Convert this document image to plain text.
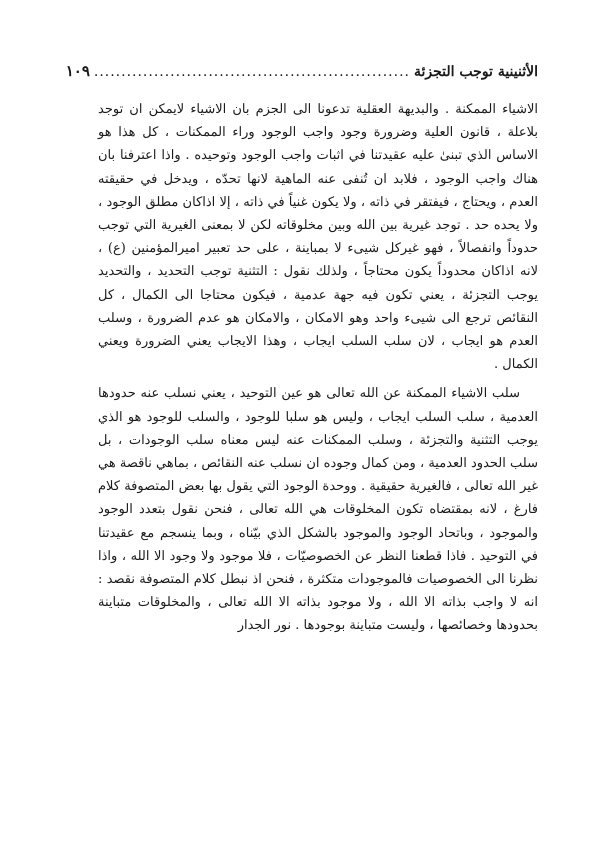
الأثنينية توجب التجزئة
..........................................................
١٠٩

الاشياء الممكنة . والبديهة العقلية تدعونا الى الجزم بان الاشياء لايمكن ان توجد بلاعلة ، قانون العلية وضرورة وجود واجب الوجود وراء الممكنات ، كل هذا هو الاساس الذي تبنىٰ عليه عقيدتنا في اثبات واجب الوجود وتوحيده . واذا اعترفنا بان هناك واجب الوجود ، فلابد ان تُنفى عنه الماهية لانها تحدّه ، ويدخل في حقيقته العدم ، ويحتاج ، فيفتقر في ذاته ، ولا يكون غنياً في ذاته ، إلا اذاكان مطلق الوجود ، ولا يحده حد . توجد غيرية بين الله وبين مخلوقاته لكن لا بمعنى الغيرية التي توجب حدوداً وانفصالاً ، فهو غيركل شيىء لا بمباينة ، على حد تعبير اميرالمؤمنين (ع) ، لانه اذاكان محدوداً يكون محتاجاً ، ولذلك نقول : التثنية توجب التحديد ، والتحديد يوجب التجزئة ، يعني تكون فيه جهة عدمية ، فيكون محتاجا الى الكمال ، كل النقائص ترجع الى شيىء واحد وهو الامكان ، والامكان هو عدم الضرورة ، وسلب العدم هو ايجاب ، لان سلب السلب ايجاب ، وهذا الايجاب يعني الضرورة ويعني الكمال .

سلب الاشياء الممكنة عن الله تعالى هو عين التوحيد ، يعني نسلب عنه حدودها العدمية ، سلب السلب ايجاب ، وليس هو سلبا للوجود ، والسلب للوجود هو الذي يوجب التثنية والتجزئة ، وسلب الممكنات عنه ليس معناه سلب الوجودات ، بل سلب الحدود العدمية ، ومن كمال وجوده ان نسلب عنه النقائص ، بماهي ناقصة هي غير الله تعالى ، فالغيرية حقيقية . ووحدة الوجود التي يقول بها بعض المتصوفة كلام فارغ ، لانه بمقتضاه تكون المخلوقات هي الله تعالى ، فنحن نقول بتعدد الوجود والموجود ، وباتحاد الوجود والموجود بالشكل الذي بيّناه ، وبما ينسجم مع عقيدتنا في التوحيد . فاذا قطعنا النظر عن الخصوصيّات ، فلا موجود ولا وجود الا الله ، واذا نظرنا الى الخصوصيات فالموجودات متكثرة ، فنحن اذ نبطل كلام المتصوفة نقصد : انه لا واجب بذاته الا الله ، ولا موجود بذاته الا الله تعالى ، والمخلوقات متباينة بحدودها وخصائصها ، وليست متباينة بوجودها . نور الجدار
